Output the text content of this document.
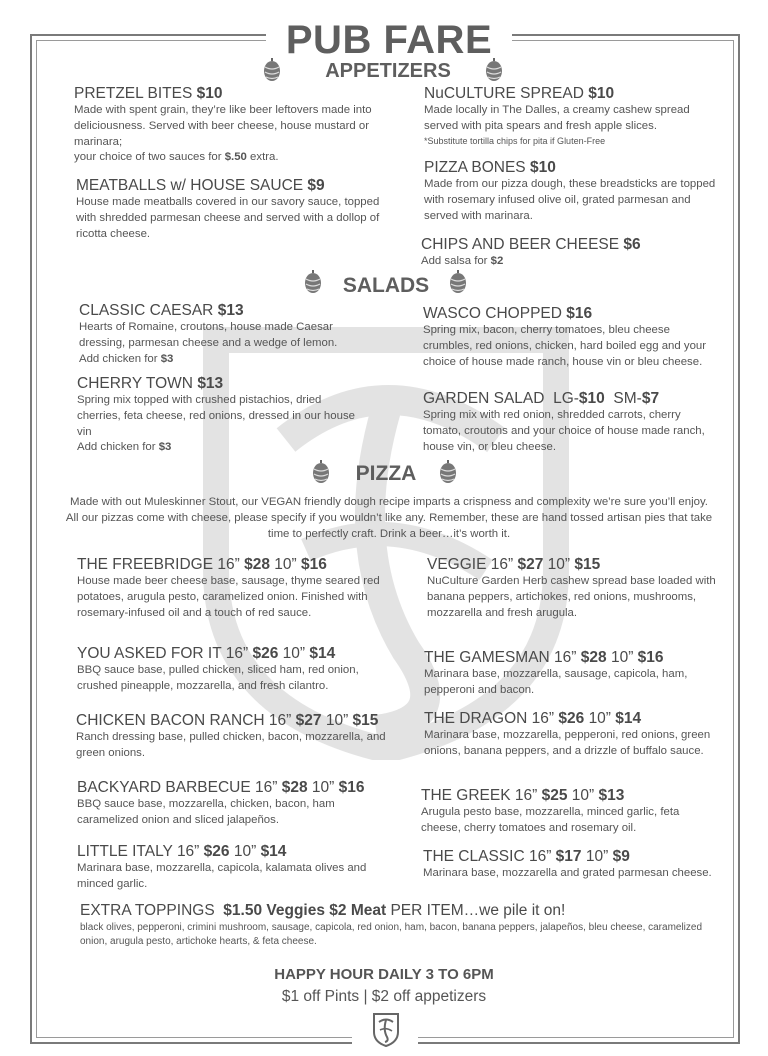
PUB FARE
APPETIZERS
PRETZEL BITES $10
Made with spent grain, they’re like beer leftovers made into deliciousness. Served with beer cheese, house mustard or marinara;
your choice of two sauces for $.50 extra.
MEATBALLS w/ HOUSE SAUCE $9
House made meatballs covered in our savory sauce, topped with shredded parmesan cheese and served with a dollop of ricotta cheese.
NuCULTURE SPREAD $10
Made locally in The Dalles, a creamy cashew spread served with pita spears and fresh apple slices.
*Substitute tortilla chips for pita if Gluten-Free
PIZZA BONES $10
Made from our pizza dough, these breadsticks are topped with rosemary infused olive oil, grated parmesan and served with marinara.
CHIPS AND BEER CHEESE $6
Add salsa for $2
SALADS
CLASSIC CAESAR $13
Hearts of Romaine, croutons, house made Caesar dressing, parmesan cheese and a wedge of lemon.
Add chicken for $3
CHERRY TOWN $13
Spring mix topped with crushed pistachios, dried cherries, feta cheese, red onions, dressed in our house vin
Add chicken for $3
WASCO CHOPPED $16
Spring mix, bacon, cherry tomatoes, bleu cheese crumbles, red onions, chicken, hard boiled egg and your choice of house made ranch, house vin or bleu cheese.
GARDEN SALAD LG-$10 SM-$7
Spring mix with red onion, shredded carrots, cherry tomato, croutons and your choice of house made ranch, house vin, or bleu cheese.
PIZZA
Made with out Muleskinner Stout, our VEGAN friendly dough recipe imparts a crispness and complexity we’re sure you’ll enjoy. All our pizzas come with cheese, please specify if you wouldn’t like any. Remember, these are hand tossed artisan pies that take time to perfectly craft. Drink a beer…it’s worth it.
THE FREEBRIDGE 16” $28 10” $16
House made beer cheese base, sausage, thyme seared red potatoes, arugula pesto, caramelized onion. Finished with rosemary-infused oil and a touch of red sauce.
YOU ASKED FOR IT 16” $26 10” $14
BBQ sauce base, pulled chicken, sliced ham, red onion, crushed pineapple, mozzarella, and fresh cilantro.
CHICKEN BACON RANCH 16” $27 10” $15
Ranch dressing base, pulled chicken, bacon, mozzarella, and green onions.
BACKYARD BARBECUE 16” $28 10” $16
BBQ sauce base, mozzarella, chicken, bacon, ham caramelized onion and sliced jalapeños.
LITTLE ITALY 16” $26 10” $14
Marinara base, mozzarella, capicola, kalamata olives and minced garlic.
VEGGIE 16” $27 10” $15
NuCulture Garden Herb cashew spread base loaded with banana peppers, artichokes, red onions, mushrooms, mozzarella and fresh arugula.
THE GAMESMAN 16” $28 10” $16
Marinara base, mozzarella, sausage, capicola, ham, pepperoni and bacon.
THE DRAGON 16” $26 10” $14
Marinara base, mozzarella, pepperoni, red onions, green onions, banana peppers, and a drizzle of buffalo sauce.
THE GREEK 16” $25 10” $13
Arugula pesto base, mozzarella, minced garlic, feta cheese, cherry tomatoes and rosemary oil.
THE CLASSIC 16” $17 10” $9
Marinara base, mozzarella and grated parmesan cheese.
EXTRA TOPPINGS $1.50 Veggies $2 Meat PER ITEM…we pile it on!
black olives, pepperoni, crimini mushroom, sausage, capicola, red onion, ham, bacon, banana peppers, jalapeños, bleu cheese, caramelized onion, arugula pesto, artichoke hearts, & feta cheese.
HAPPY HOUR DAILY 3 TO 6PM
$1 off Pints | $2 off appetizers
